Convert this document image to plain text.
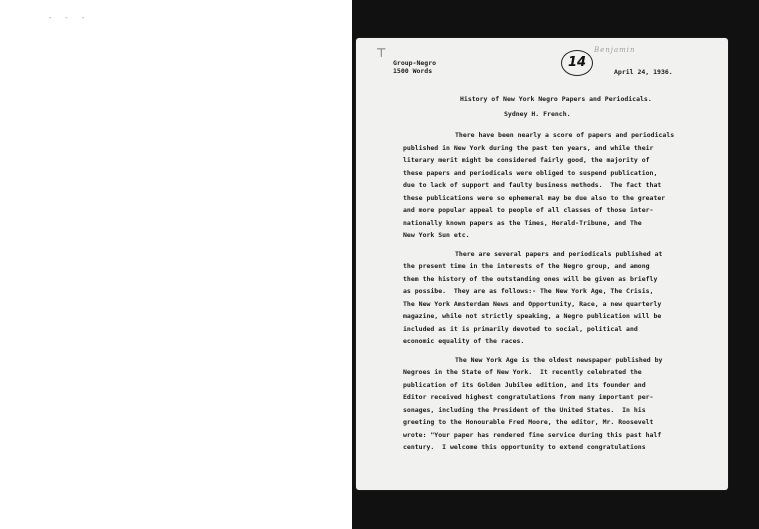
- - -
⊤	Benjamin
Group-Negro
1500 Words
14
April 24, 1936.
History of New York Negro Papers and Periodicals.
Sydney H. French.
There have been nearly a score of papers and periodicals
published in New York during the past ten years, and while their
literary merit might be considered fairly good, the majority of
these papers and periodicals were obliged to suspend publication,
due to lack of support and faulty business methods.  The fact that
these publications were so ephemeral may be due also to the greater
and more popular appeal to people of all classes of those inter-
nationally known papers as the Times, Herald-Tribune, and The
New York Sun etc.
There are several papers and periodicals published at
the present time in the interests of the Negro group, and among
them the history of the outstanding ones will be given as briefly
as possibe.  They are as follows:- The New York Age, The Crisis,
The New York Amsterdam News and Opportunity, Race, a new quarterly
magazine, while not strictly speaking, a Negro publication will be
included as it is primarily devoted to social, political and
economic equality of the races.
The New York Age is the oldest newspaper published by
Negroes in the State of New York.  It recently celebrated the
publication of its Golden Jubilee edition, and its founder and
Editor received highest congratulations from many important per-
sonages, including the President of the United States.  In his
greeting to the Honourable Fred Moore, the editor, Mr. Roosevelt
wrote: "Your paper has rendered fine service during this past half
century.  I welcome this opportunity to extend congratulations
